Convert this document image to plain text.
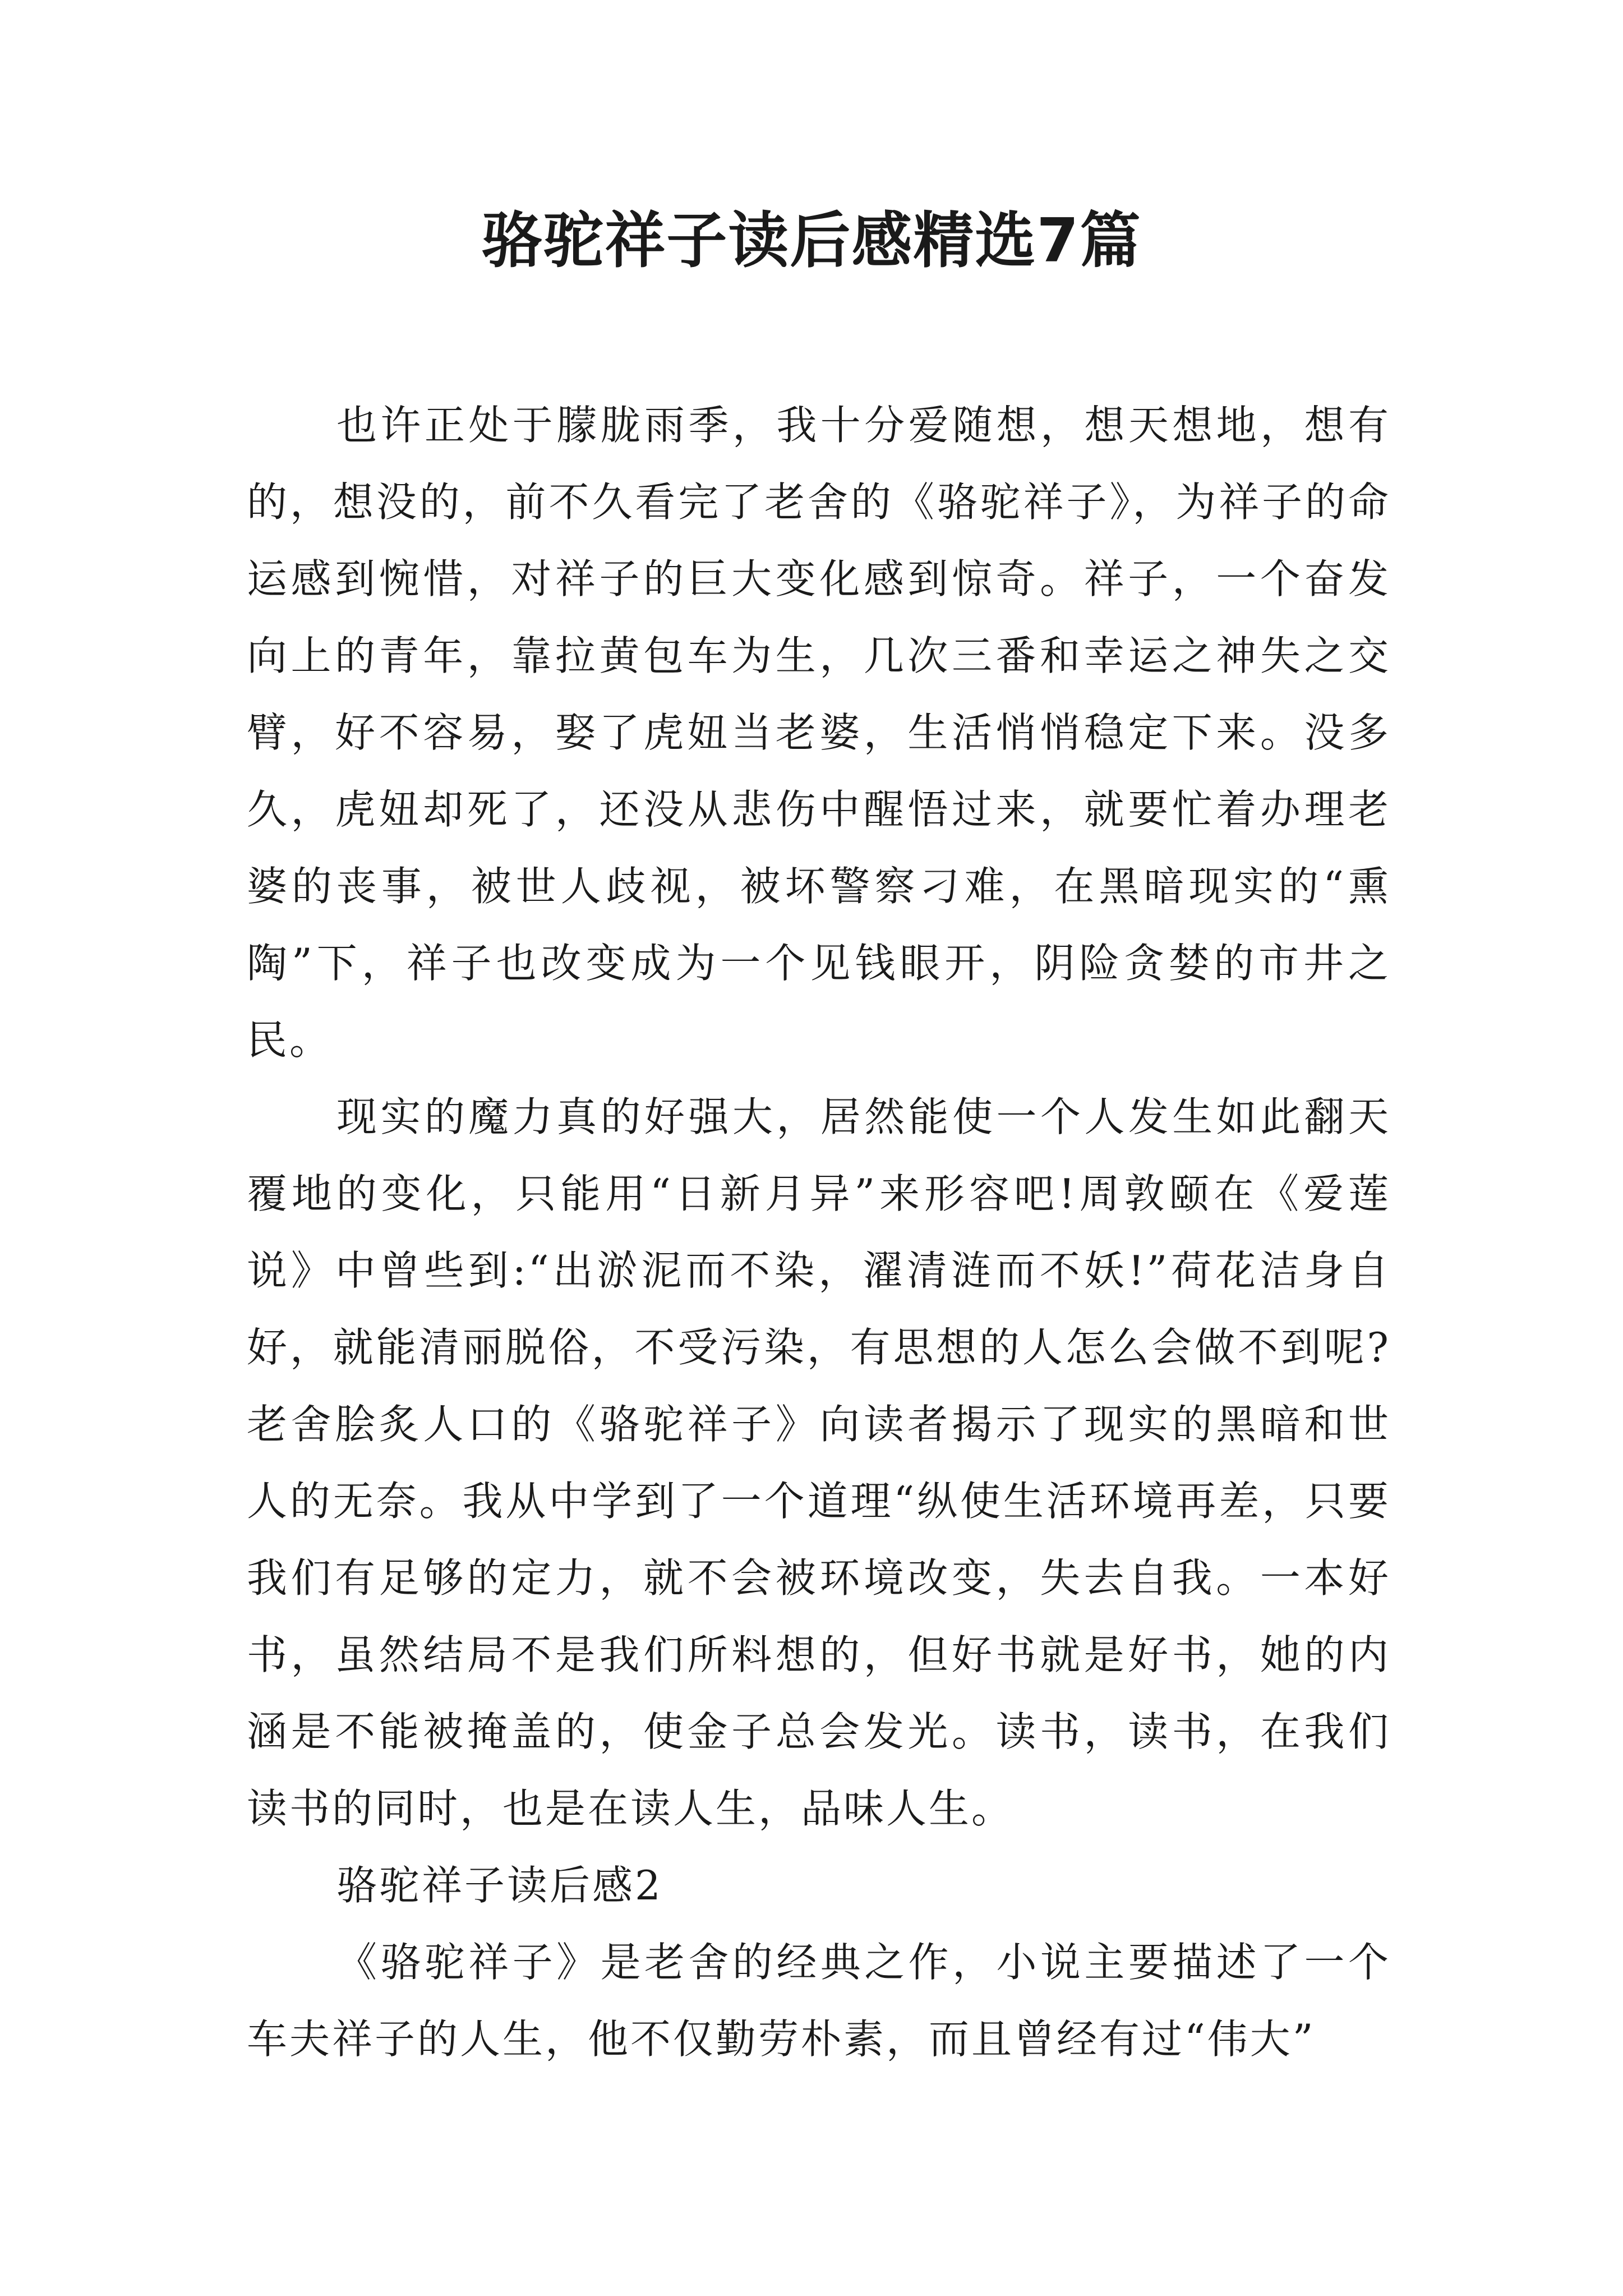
骆驼祥子读后感精选7篇

也许正处于朦胧雨季，我十分爱随想，想天想地，想有的，想没的，前不久看完了老舍的《骆驼祥子》，为祥子的命运感到惋惜，对祥子的巨大变化感到惊奇。祥子，一个奋发向上的青年，靠拉黄包车为生，几次三番和幸运之神失之交臂，好不容易，娶了虎妞当老婆，生活悄悄稳定下来。没多久，虎妞却死了，还没从悲伤中醒悟过来，就要忙着办理老婆的丧事，被世人歧视，被坏警察刁难，在黑暗现实的“熏陶”下，祥子也改变成为一个见钱眼开，阴险贪婪的市井之民。

现实的魔力真的好强大，居然能使一个人发生如此翻天覆地的变化，只能用“日新月异”来形容吧!周敦颐在《爱莲说》中曾些到:“出淤泥而不染，濯清涟而不妖!”荷花洁身自好，就能清丽脱俗，不受污染，有思想的人怎么会做不到呢?老舍脍炙人口的《骆驼祥子》向读者揭示了现实的黑暗和世人的无奈。我从中学到了一个道理“纵使生活环境再差，只要我们有足够的定力，就不会被环境改变，失去自我。一本好书，虽然结局不是我们所料想的，但好书就是好书，她的内涵是不能被掩盖的，使金子总会发光。读书，读书，在我们读书的同时，也是在读人生，品味人生。

骆驼祥子读后感2

《骆驼祥子》是老舍的经典之作，小说主要描述了一个车夫祥子的人生，他不仅勤劳朴素，而且曾经有过“伟大”
